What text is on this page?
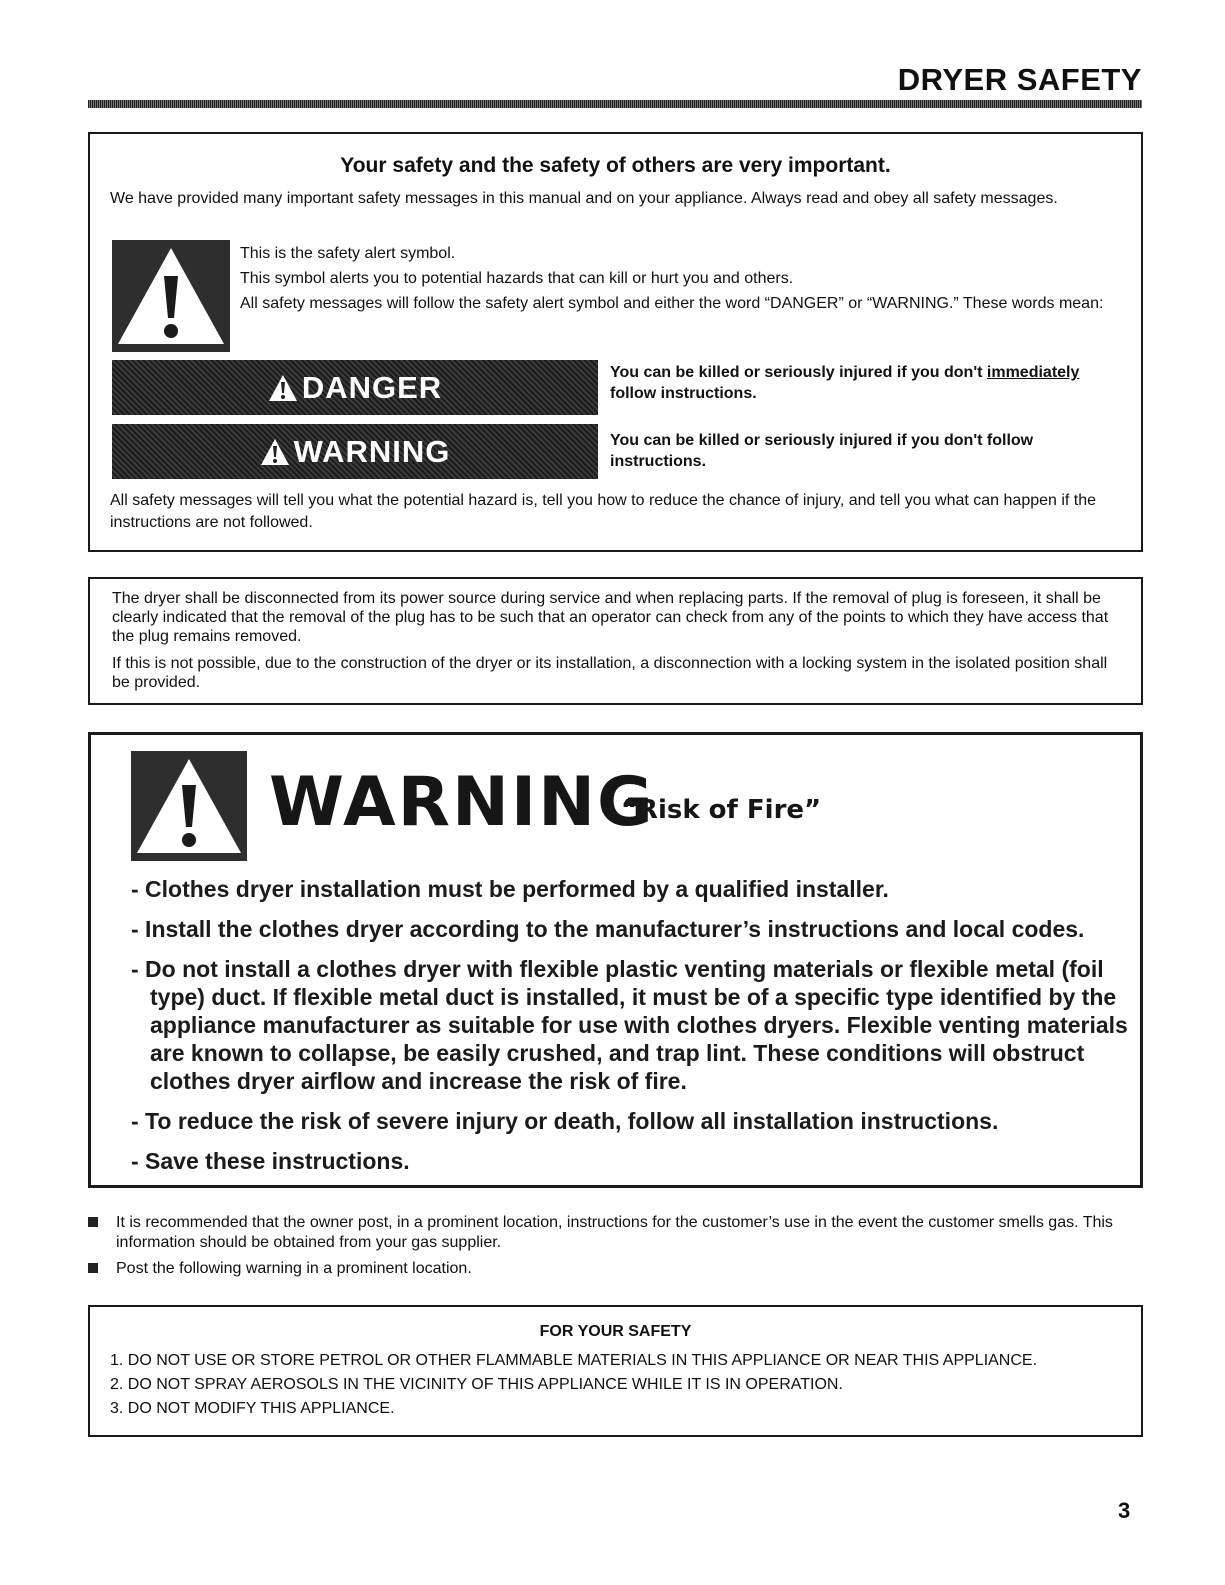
DRYER SAFETY
Your safety and the safety of others are very important.
We have provided many important safety messages in this manual and on your appliance. Always read and obey all safety messages.

This is the safety alert symbol.

This symbol alerts you to potential hazards that can kill or hurt you and others.

All safety messages will follow the safety alert symbol and either the word “DANGER” or “WARNING.” These words mean:

DANGER	You can be killed or seriously injured if you don't immediately follow instructions.
WARNING	You can be killed or seriously injured if you don't follow instructions.
All safety messages will tell you what the potential hazard is, tell you how to reduce the chance of injury, and tell you what can happen if the instructions are not followed.

The dryer shall be disconnected from its power source during service and when replacing parts. If the removal of plug is foreseen, it shall be clearly indicated that the removal of the plug has to be such that an operator can check from any of the points to which they have access that the plug remains removed.

If this is not possible, due to the construction of the dryer or its installation, a disconnection with a locking system in the isolated position shall be provided.

WARNING
- “Risk of Fire”
- Clothes dryer installation must be performed by a qualified installer.
- Install the clothes dryer according to the manufacturer’s instructions and local codes.
- Do not install a clothes dryer with flexible plastic venting materials or flexible metal (foil type) duct. If flexible metal duct is installed, it must be of a specific type identified by the appliance manufacturer as suitable for use with clothes dryers. Flexible venting materials are known to collapse, be easily crushed, and trap lint. These conditions will obstruct clothes dryer airflow and increase the risk of fire.
- To reduce the risk of severe injury or death, follow all installation instructions.
- Save these instructions.
It is recommended that the owner post, in a prominent location, instructions for the customer’s use in the event the customer smells gas. This information should be obtained from your gas supplier.
Post the following warning in a prominent location.
FOR YOUR SAFETY
1. DO NOT USE OR STORE PETROL OR OTHER FLAMMABLE MATERIALS IN THIS APPLIANCE OR NEAR THIS APPLIANCE.
2. DO NOT SPRAY AEROSOLS IN THE VICINITY OF THIS APPLIANCE WHILE IT IS IN OPERATION.
3. DO NOT MODIFY THIS APPLIANCE.
3
